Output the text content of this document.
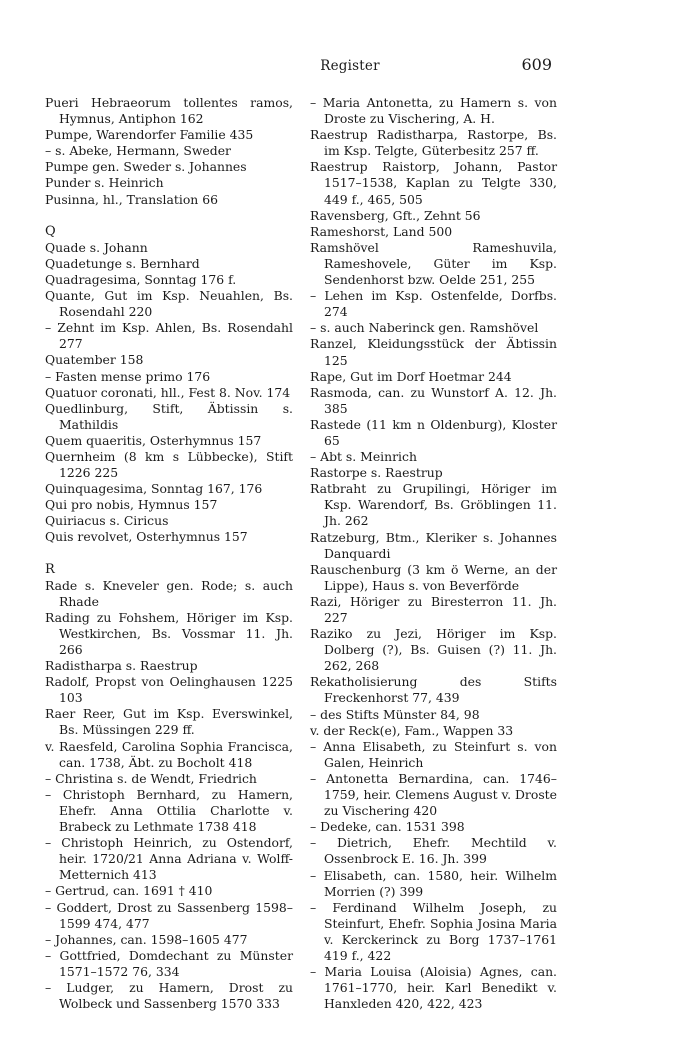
Register	609

Pueri Hebraeorum tollentes ramos, Hymnus, Antiphon 162

Pumpe, Warendorfer Familie 435

– s. Abeke, Hermann, Sweder

Pumpe gen. Sweder s. Johannes

Punder s. Heinrich

Pusinna, hl., Translation 66

Q

Quade s. Johann

Quadetunge s. Bernhard

Quadragesima, Sonntag 176 f.

Quante, Gut im Ksp. Neuahlen, Bs. Rosendahl 220

– Zehnt im Ksp. Ahlen, Bs. Rosendahl 277

Quatember 158

– Fasten mense primo 176

Quatuor coronati, hll., Fest 8. Nov. 174

Quedlinburg, Stift, Äbtissin s. Mathildis

Quem quaeritis, Osterhymnus 157

Quernheim (8 km s Lübbecke), Stift 1226 225

Quinquagesima, Sonntag 167, 176

Qui pro nobis, Hymnus 157

Quiriacus s. Ciricus

Quis revolvet, Osterhymnus 157

R

Rade s. Kneveler gen. Rode; s. auch Rhade

Rading zu Fohshem, Höriger im Ksp. Westkirchen, Bs. Vossmar 11. Jh. 266

Radistharpa s. Raestrup

Radolf, Propst von Oelinghausen 1225 103

Raer Reer, Gut im Ksp. Everswinkel, Bs. Müssingen 229 ff.

v. Raesfeld, Carolina Sophia Francisca, can. 1738, Äbt. zu Bocholt 418

– Christina s. de Wendt, Friedrich

– Christoph Bernhard, zu Hamern, Ehefr. Anna Ottilia Charlotte v. Brabeck zu Lethmate 1738 418

– Christoph Heinrich, zu Ostendorf, heir. 1720/21 Anna Adriana v. Wolff-Metternich 413

– Gertrud, can. 1691 † 410

– Goddert, Drost zu Sassenberg 1598–1599 474, 477

– Johannes, can. 1598–1605 477

– Gottfried, Domdechant zu Münster 1571–1572 76, 334

– Ludger, zu Hamern, Drost zu Wolbeck und Sassenberg 1570 333

– Maria Antonetta, zu Hamern s. von Droste zu Vischering, A. H.

Raestrup Radistharpa, Rastorpe, Bs. im Ksp. Telgte, Güterbesitz 257 ff.

Raestrup Raistorp, Johann, Pastor 1517–1538, Kaplan zu Telgte 330, 449 f., 465, 505

Ravensberg, Gft., Zehnt 56

Rameshorst, Land 500

Ramshövel Rameshuvila, Rameshovele, Güter im Ksp. Sendenhorst bzw. Oelde 251, 255

– Lehen im Ksp. Ostenfelde, Dorfbs. 274

– s. auch Naberinck gen. Ramshövel

Ranzel, Kleidungsstück der Äbtissin 125

Rape, Gut im Dorf Hoetmar 244

Rasmoda, can. zu Wunstorf A. 12. Jh. 385

Rastede (11 km n Oldenburg), Kloster 65

– Abt s. Meinrich

Rastorpe s. Raestrup

Ratbraht zu Grupilingi, Höriger im Ksp. Warendorf, Bs. Gröblingen 11. Jh. 262

Ratzeburg, Btm., Kleriker s. Johannes Danquardi

Rauschenburg (3 km ö Werne, an der Lippe), Haus s. von Beverförde

Razi, Höriger zu Biresterron 11. Jh. 227

Raziko zu Jezi, Höriger im Ksp. Dolberg (?), Bs. Guisen (?) 11. Jh. 262, 268

Rekatholisierung des Stifts Freckenhorst 77, 439

– des Stifts Münster 84, 98

v. der Reck(e), Fam., Wappen 33

– Anna Elisabeth, zu Steinfurt s. von Galen, Heinrich

– Antonetta Bernardina, can. 1746–1759, heir. Clemens August v. Droste zu Vischering 420

– Dedeke, can. 1531 398

– Dietrich, Ehefr. Mechtild v. Ossenbrock E. 16. Jh. 399

– Elisabeth, can. 1580, heir. Wilhelm Morrien (?) 399

– Ferdinand Wilhelm Joseph, zu Steinfurt, Ehefr. Sophia Josina Maria v. Kerckerinck zu Borg 1737–1761 419 f., 422

– Maria Louisa (Aloisia) Agnes, can. 1761–1770, heir. Karl Benedikt v. Hanxleden 420, 422, 423
